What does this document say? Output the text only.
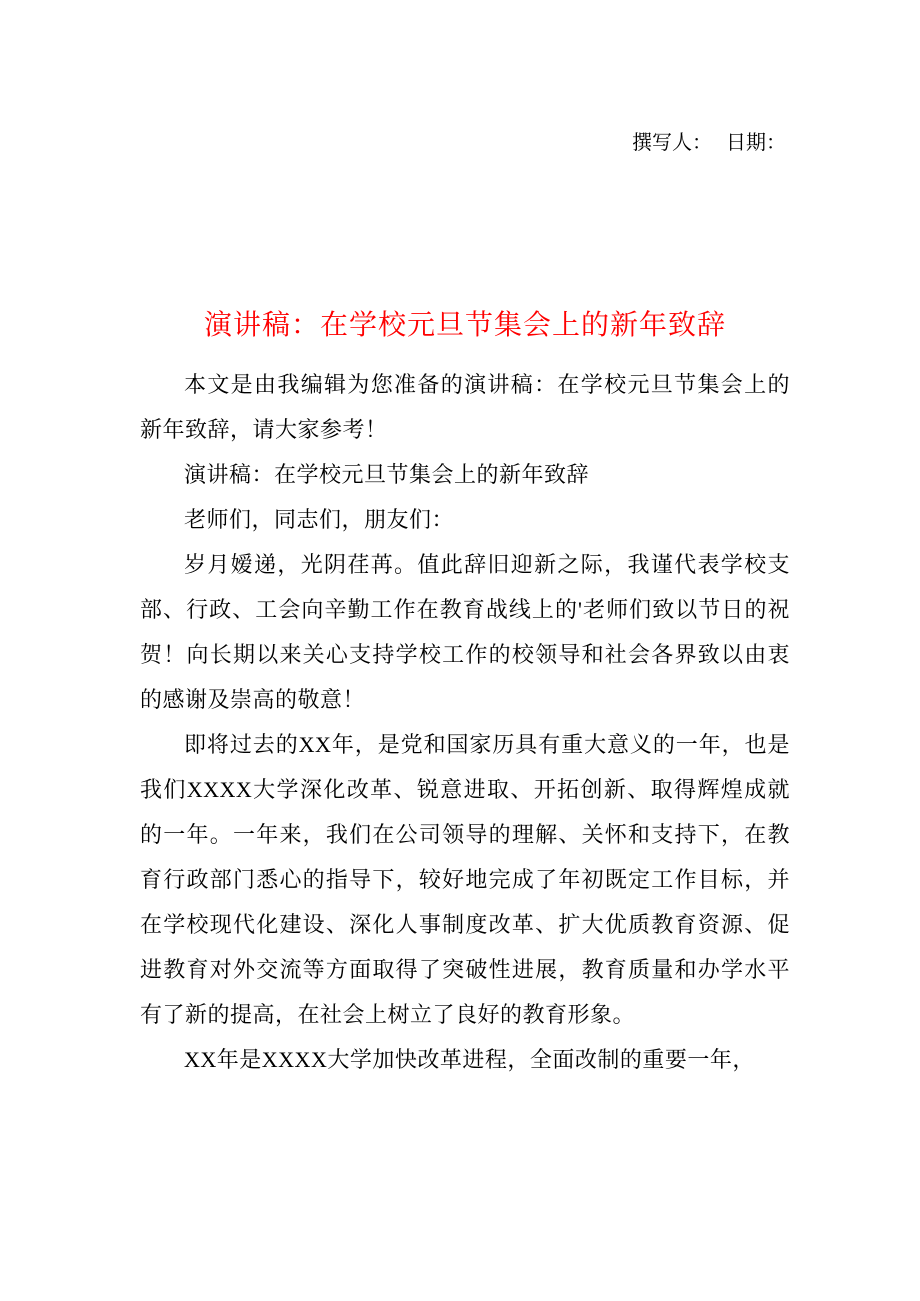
撰写人： 日期：
演讲稿：在学校元旦节集会上的新年致辞

本文是由我编辑为您准备的演讲稿：在学校元旦节集会上的新年致辞，请大家参考！

演讲稿：在学校元旦节集会上的新年致辞

老师们，同志们，朋友们：

岁月嫒递，光阴荏苒。值此辞旧迎新之际，我谨代表学校支部、行政、工会向辛勤工作在教育战线上的'老师们致以节日的祝贺！向长期以来关心支持学校工作的校领导和社会各界致以由衷的感谢及崇高的敬意！

即将过去的XX年，是党和国家历具有重大意义的一年，也是我们XXXX大学深化改革、锐意进取、开拓创新、取得辉煌成就的一年。一年来，我们在公司领导的理解、关怀和支持下，在教育行政部门悉心的指导下，较好地完成了年初既定工作目标，并在学校现代化建设、深化人事制度改革、扩大优质教育资源、促进教育对外交流等方面取得了突破性进展，教育质量和办学水平有了新的提高，在社会上树立了良好的教育形象。

XX年是XXXX大学加快改革进程，全面改制的重要一年，
